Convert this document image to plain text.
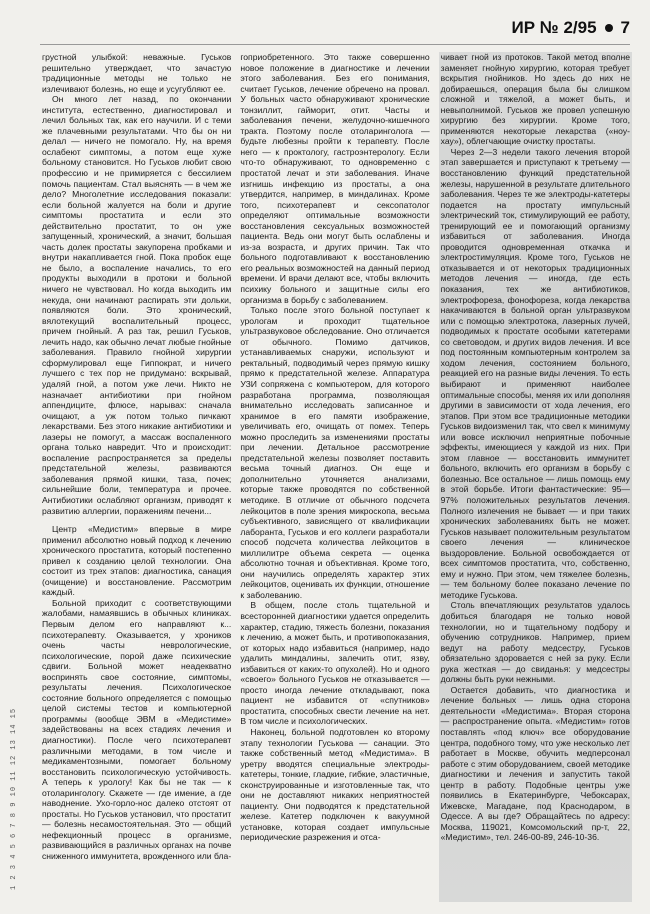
ИР № 2/95 7

грустной улыбкой: неважные. Гуськов решительно утверждает, что зачастую традиционные методы не только не излечивают болезнь, но еще и усугубляют ее.

Он много лет назад, по окончании института, естественно, диагностировал и лечил больных так, как его научили. И с теми же плачевными результатами. Что бы он ни делал — ничего не помогало. Ну, на время ослабеют симптомы, а потом еще хуже больному становится. Но Гуськов любит свою профессию и не примиряется с бессилием помочь пациентам. Стал выяснять — в чем же дело? Многолетние исследования показали: если больной жалуется на боли и другие симптомы простатита и если это действительно простатит, то он уже запущенный, хронический, а значит, большая часть долек простаты закупорена пробками и внутри накапливается гной. Пока пробок еще не было, а воспаление начались, то его продукты выходили в протоки и больной ничего не чувствовал. Но когда выходить им некуда, они начинают распирать эти дольки, появляются боли. Это хронический, вялотекущий воспалительный процесс, причем гнойный. А раз так, решил Гуськов, лечить надо, как обычно лечат любые гнойные заболевания. Правило гнойной хирургии сформулировал еще Гиппократ, и ничего лучшего с тех пор не придумано: вскрывай, удаляй гной, а потом уже лечи. Никто не назначает антибиотики при гнойном аппендиците, флюсе, нарывах: сначала очищают, а уж потом только пичкают лекарствами. Без этого никакие антибиотики и лазеры не помогут, а массаж воспаленного органа только навредит. Что и происходит: воспаление распространяется за пределы предстательной железы, развиваются заболевания прямой кишки, таза, почек; сильнейшие боли, температура и прочее. Антибиотики ослабляют организм, приводят к развитию аллергии, поражениям печени...

Центр «Медистим» впервые в мире применил абсолютно новый подход к лечению хронического простатита, который постепенно привел к созданию целой технологии. Она состоит из трех этапов: диагностика, санация (очищение) и восстановление. Рассмотрим каждый.

Больной приходит с соответствующими жалобами, намаявшись в обычных клиниках. Первым делом его направляют к... психотерапевту. Оказывается, у хроников очень часты неврологические, психологические, порой даже психические сдвиги. Больной может неадекватно воспринять свое состояние, симптомы, результаты лечения. Психологическое состояние больного определяется с помощью целой системы тестов и компьютерной программы (вообще ЭВМ в «Медистиме» задействованы на всех стадиях лечения и диагностики). После чего психотерапевт различными методами, в том числе и медикаментозными, помогает больному восстановить психологическую устойчивость. А теперь к урологу! Как бы не так — к отоларингологу. Скажете — где имение, а где наводнение. Ухо-горло-нос далеко отстоят от простаты. Но Гуськов установил, что простатит — болезнь несамостоятельная. Это — общий нефекционный процесс в организме, развивающийся в различных органах на почве сниженного иммунитета, врожденного или бла-

гоприобретенного. Это также совершенно новое положение в диагностике и лечении этого заболевания. Без его понимания, считает Гуськов, лечение обречено на провал. У больных часто обнаруживают хронические тонзиллит, гайморит, отит. Часты и заболевания печени, желудочно-кишечного тракта. Поэтому после отоларинголога — будьте любезны пройти к терапевту. После него — к проктологу, гастроэнтерологу. Если что-то обнаруживают, то одновременно с простатой лечат и эти заболевания. Иначе изгнишь инфекцию из простаты, а она утвердится, например, в миндалинах. Кроме того, психотерапевт и сексопатолог определяют оптимальные возможности восстановления сексуальных возможностей пациента. Ведь они могут быть ослаблены и из-за возраста, и других причин. Так что больного подготавливают к восстановлению его реальных возможностей на данный период времени. И врачи делают все, чтобы включить психику больного и защитные силы его организма в борьбу с заболеванием.

Только после этого больной поступает к урологам и проходит тщательное ультразвуковое обследование. Оно отличается от обычного. Помимо датчиков, устанавливаемых снаружи, используют и ректальный, подводимый через прямую кишку прямо к предстательной железе. Аппаратура УЗИ сопряжена с компьютером, для которого разработана программа, позволяющая внимательно исследовать записанное и хранимое в его памяти изображение, увеличивать его, очищать от помех. Теперь можно проследить за изменениями простаты при лечении. Детальное рассмотрение предстательной железы позволяет поставить весьма точный диагноз. Он еще и дополнительно уточняется анализами, которые также проводятся по собственной методике. В отличие от обычного подсчета лейкоцитов в поле зрения микроскопа, весьма субъективного, зависящего от квалификации лаборанта, Гуськов и его коллеги разработали способ подсчета количества лейкоцитов в миллилитре объема секрета — оценка абсолютно точная и объективная. Кроме того, они научились определять характер этих лейкоцитов, оценивать их функции, отношение к заболеванию.

В общем, после столь тщательной и всесторонней диагностики удается определить характер, стадию, тяжесть болезни, показания к лечению, а может быть, и противопоказания, от которых надо избавиться (например, надо удалить миндалины, залечить отит, язву, избавиться от каких-то опухолей). Но и одного «своего» больного Гуськов не отказывается — просто иногда лечение откладывают, пока пациент не избавится от «спутников» простатита, способных свести лечение на нет. В том числе и психологических.

Наконец, больной подготовлен ко второму этапу технологии Гуськова — санации. Это также собственный метод «Медистима». В уретру вводятся специальные электроды-катетеры, тонкие, гладкие, гибкие, эластичные, сконструированные и изготовленные так, что они не доставляют никаких неприятностей пациенту. Они подводятся к предстательной железе. Катетер подключен к вакуумной установке, которая создает импульсные периодические разрежения и отса-

чивает гной из протоков. Такой метод вполне заменяет гнойную хирургию, которая требует вскрытия гнойников. Но здесь до них не добираешься, операция была бы слишком сложной и тяжелой, а может быть, и невыполнимой. Гуськов же провел успешную хирургию без хирургии. Кроме того, применяются некоторые лекарства («ноу-хау»), облегчающие очистку простаты.

Через 2—3 недели такого лечения второй этап завершается и приступают к третьему — восстановлению функций предстательной железы, нарушенной в результате длительного заболевания. Через те же электроды-катетеры подается на простату импульсный электрический ток, стимулирующий ее работу, тренирующий ее и помогающий организму избавиться от заболевания. Иногда проводится одновременная откачка и электростимуляция. Кроме того, Гуськов не отказывается и от некоторых традиционных методов лечения — иногда, где есть показания, тех же антибиотиков, электрофореза, фонофореза, когда лекарства накачиваются в больной орган ультразвуком или с помощью электротока, лазерных лучей, подводимых к простате особыми катетерами со световодом, и других видов лечения. И все под постоянным компьютерным контролем за ходом лечения, состоянием больного, реакцией его на разные виды лечения. То есть выбирают и применяют наиболее оптимальные способы, меняя их или дополняя другими в зависимости от хода лечения, его этапов. При этом все традиционные методики Гуськов видоизменил так, что свел к минимуму или вовсе исключил неприятные побочные эффекты, имеющиеся у каждой из них. При этом главное — восстановить иммунитет больного, включить его организм в борьбу с болезнью. Все остальное — лишь помощь ему в этой борьбе. Итоги фантастические: 95—97% положительных результатов лечения. Полного излечения не бывает — и при таких хронических заболеваниях быть не может. Гуськов называет положительным результатом своего лечения — клиническое выздоровление. Больной освобождается от всех симптомов простатита, что, собственно, ему и нужно. При этом, чем тяжелее болезнь, — тем больному более показано лечение по методике Гуськова.

Столь впечатляющих результатов удалось добиться благодаря не только новой технологии, но и тщательному подбору и обучению сотрудников. Например, прием ведут на работу медсестру, Гуськов обязательно здоровается с ней за руку. Если рука жесткая — до свиданья: у медсестры должны быть руки нежными.

Остается добавить, что диагностика и лечение больных — лишь одна сторона деятельности «Медистима». Вторая сторона — распространение опыта. «Медистим» готов поставлять «под ключ» все оборудование центра, подобного тому, что уже несколько лет работает в Москве, обучить медперсонал работе с этим оборудованием, своей методике диагностики и лечения и запустить такой центр в работу. Подобные центры уже появились в Екатеринбурге, Чебоксарах, Ижевске, Магадане, под Краснодаром, в Одессе. А вы где? Обращайтесь по адресу: Москва, 119021, Комсомольский пр-т, 22, «Медистим», тел. 246-00-89, 246-10-36.

1 2 3 4 5 6 7 8 9 10 11 12 13 14 15
